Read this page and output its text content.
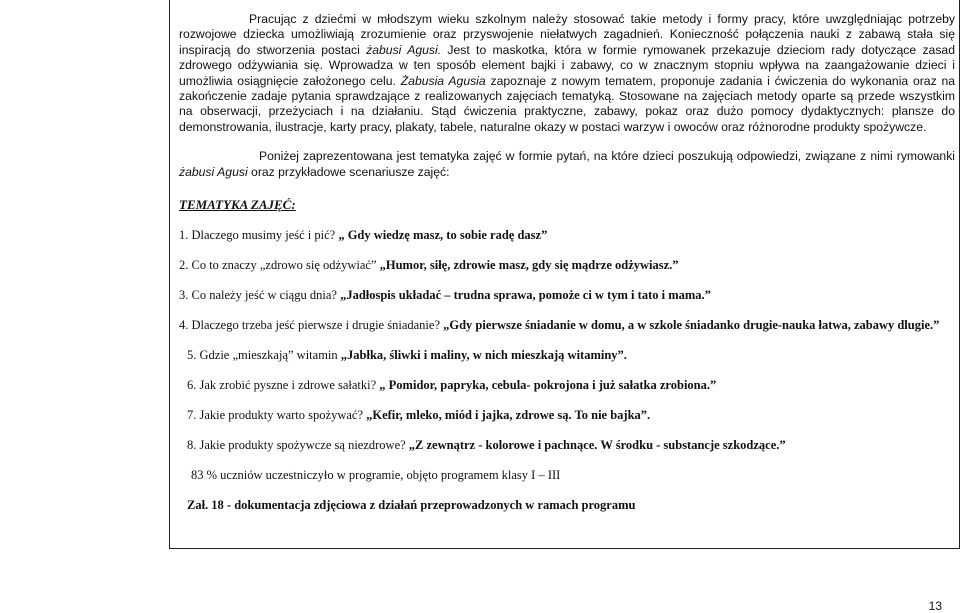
Pracując z dziećmi w młodszym wieku szkolnym należy stosować takie metody i formy pracy, które uwzględniając potrzeby rozwojowe dziecka umożliwiają zrozumienie oraz przyswojenie niełatwych zagadnień. Konieczność połączenia nauki z zabawą stała się inspiracją do stworzenia postaci żabusi Agusi. Jest to maskotka, która w formie rymowanek przekazuje dzieciom rady dotyczące zasad zdrowego odżywiania się. Wprowadza w ten sposób element bajki i zabawy, co w znacznym stopniu wpływa na zaangażowanie dzieci i umożliwia osiągnięcie założonego celu. Żabusia Agusia zapoznaje z nowym tematem, proponuje zadania i ćwiczenia do wykonania oraz na zakończenie zadaje pytania sprawdzające z realizowanych zajęciach tematyką. Stosowane na zajęciach metody oparte są przede wszystkim na obserwacji, przeżyciach i na działaniu. Stąd ćwiczenia praktyczne, zabawy, pokaz oraz dużo pomocy dydaktycznych: plansze do demonstrowania, ilustracje, karty pracy, plakaty, tabele, naturalne okazy w postaci warzyw i owoców oraz różnorodne produkty spożywcze.

Poniżej zaprezentowana jest tematyka zajęć w formie pytań, na które dzieci poszukują odpowiedzi, związane z nimi rymowanki żabusi Agusi oraz przykładowe scenariusze zajęć:

TEMATYKA ZAJĘĆ:

1. Dlaczego musimy jeść i pić? „ Gdy wiedzę masz, to sobie radę dasz”

2. Co to znaczy „zdrowo się odżywiać” „Humor, siłę, zdrowie masz, gdy się mądrze odżywiasz.”

3. Co należy jeść w ciągu dnia? „Jadłospis układać – trudna sprawa, pomoże ci w tym i tato i mama.”

4. Dlaczego trzeba jeść pierwsze i drugie śniadanie? „Gdy pierwsze śniadanie w domu, a w szkole śniadanko drugie-nauka łatwa, zabawy dlugie.”

5. Gdzie „mieszkają” witamin „Jabłka, śliwki i maliny, w nich mieszkają witaminy”.

6. Jak zrobić pyszne i zdrowe sałatki? „ Pomidor, papryka, cebula- pokrojona i już sałatka zrobiona.”

7. Jakie produkty warto spożywać? „Kefir, mleko, miód i jajka, zdrowe są. To nie bajka”.

8. Jakie produkty spożywcze są niezdrowe? „Z zewnątrz - kolorowe i pachnące. W środku - substancje szkodzące.”

83 % uczniów uczestniczyło w programie, objęto programem klasy I – III

Zał. 18 - dokumentacja zdjęciowa z działań przeprowadzonych w ramach programu

13
